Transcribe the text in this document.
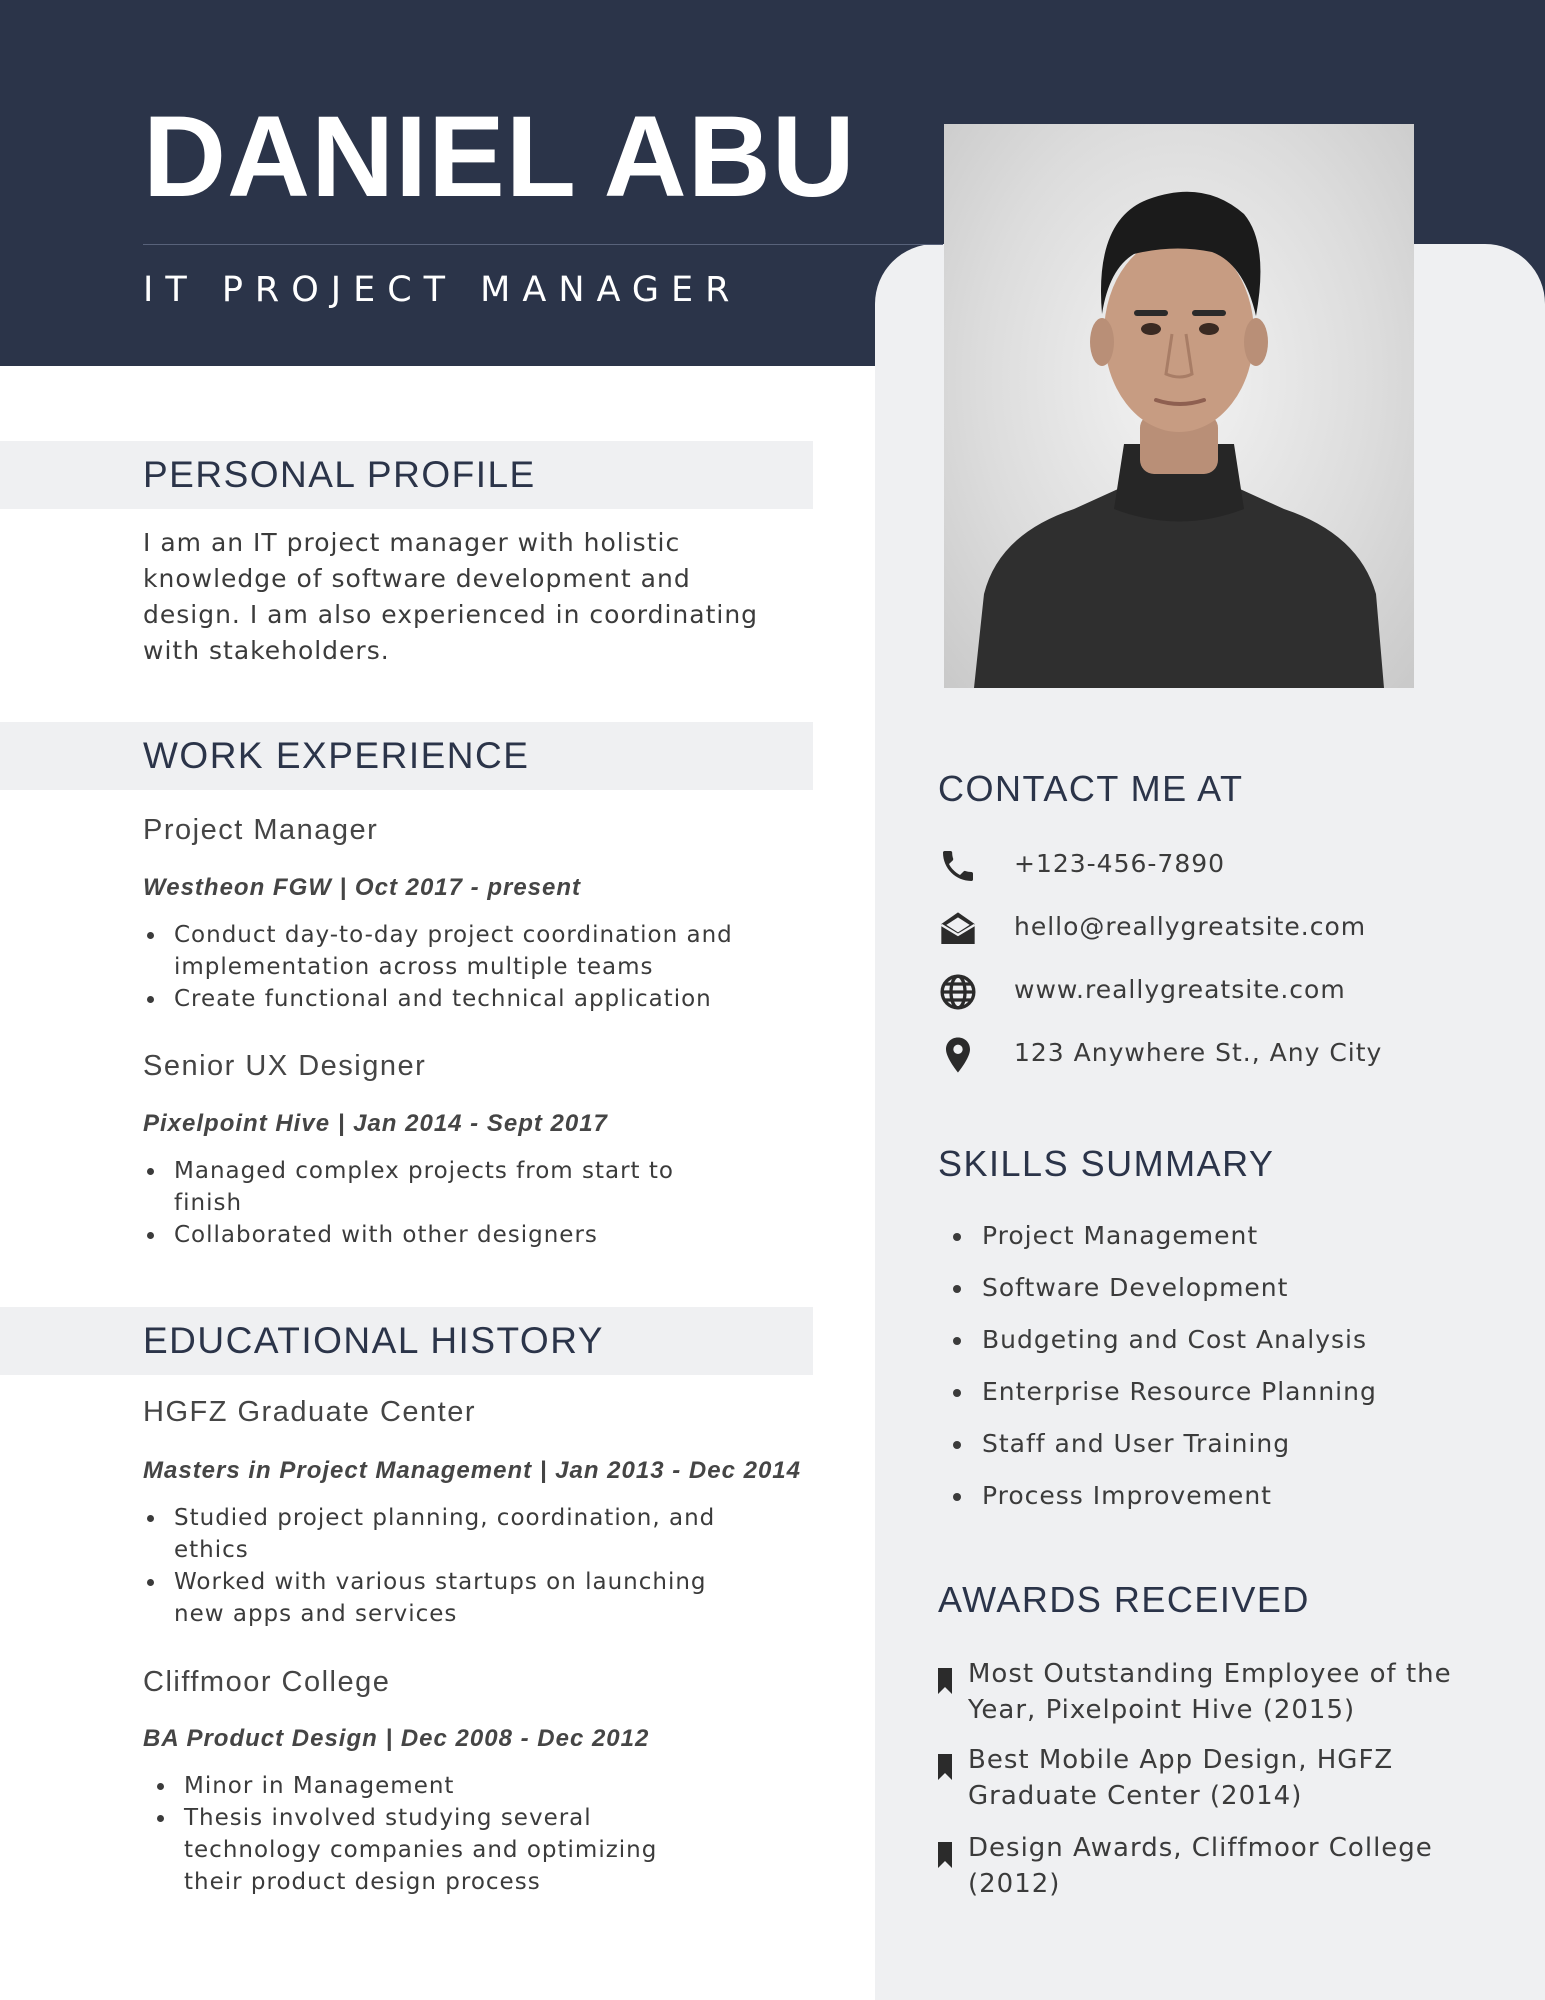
DANIEL ABU
IT PROJECT MANAGER
PERSONAL PROFILE

I am an IT project manager with holistic knowledge of software development and design. I am also experienced in coordinating with stakeholders.

WORK EXPERIENCE
Project Manager
Westheon FGW | Oct 2017 - present
Conduct day-to-day project coordination and implementation across multiple teams
Create functional and technical application
Senior UX Designer
Pixelpoint Hive | Jan 2014 - Sept 2017
Managed complex projects from start to finish
Collaborated with other designers
EDUCATIONAL HISTORY
HGFZ Graduate Center
Masters in Project Management | Jan 2013 - Dec 2014
Studied project planning, coordination, and ethics
Worked with various startups on launching new apps and services
Cliffmoor College
BA Product Design | Dec 2008 - Dec 2012
Minor in Management
Thesis involved studying several technology companies and optimizing their product design process
CONTACT ME AT
+123-456-7890
hello@reallygreatsite.com
www.reallygreatsite.com
123 Anywhere St., Any City
SKILLS SUMMARY
Project Management
Software Development
Budgeting and Cost Analysis
Enterprise Resource Planning
Staff and User Training
Process Improvement
AWARDS RECEIVED
Most Outstanding Employee of the Year, Pixelpoint Hive (2015)
Best Mobile App Design, HGFZ Graduate Center (2014)
Design Awards, Cliffmoor College (2012)
